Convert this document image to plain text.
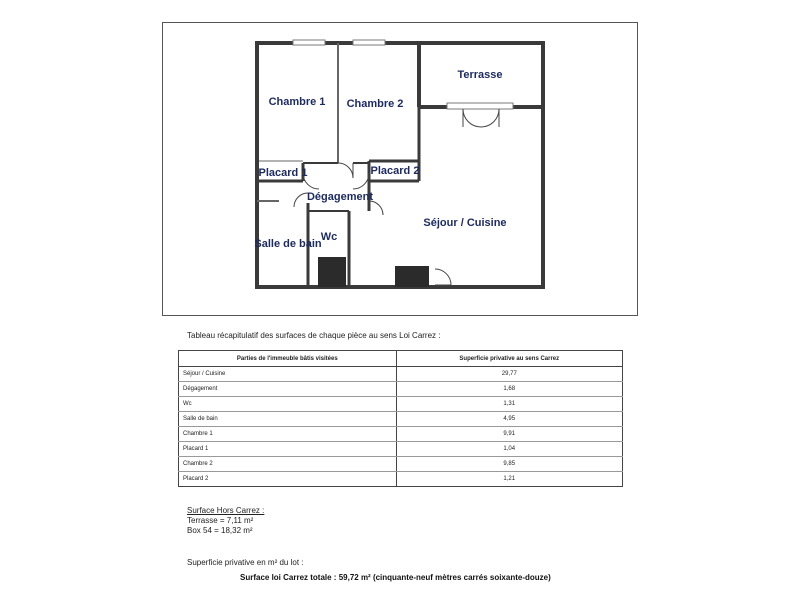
Terrasse
Chambre 1 Chambre 2
Placard 1	Placard 2
Dégagement
Séjour / Cuisine
Salle de bain
Wc
Tableau récapitulatif des surfaces de chaque pièce au sens Loi Carrez :
Parties de l'immeuble bâtis visitées	Superficie privative au sens Carrez
Séjour / Cuisine	29,77
Dégagement	1,68
Wc	1,31
Salle de bain	4,95
Chambre 1	9,91
Placard 1	1,04
Chambre 2	9,85
Placard 2	1,21
Surface Hors Carrez :
Terrasse = 7,11 m²
Box 54 = 18,32 m²
Superficie privative en m² du lot :
Surface loi Carrez totale : 59,72 m² (cinquante-neuf mètres carrés soixante-douze)
